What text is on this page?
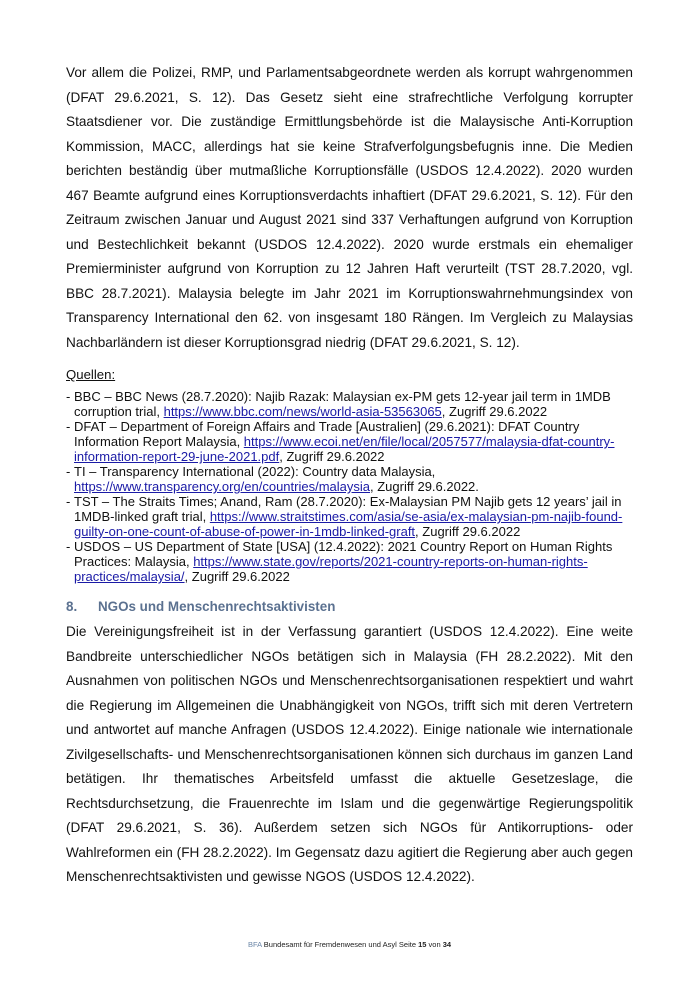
Vor allem die Polizei, RMP, und Parlamentsabgeordnete werden als korrupt wahrgenommen (DFAT 29.6.2021, S. 12). Das Gesetz sieht eine strafrechtliche Verfolgung korrupter Staatsdiener vor. Die zuständige Ermittlungsbehörde ist die Malaysische Anti-Korruption Kommission, MACC, allerdings hat sie keine Strafverfolgungsbefugnis inne. Die Medien berichten beständig über mutmaßliche Korruptionsfälle (USDOS 12.4.2022). 2020 wurden 467 Beamte aufgrund eines Korruptionsverdachts inhaftiert (DFAT 29.6.2021, S. 12). Für den Zeitraum zwischen Januar und August 2021 sind 337 Verhaftungen aufgrund von Korruption und Bestechlichkeit bekannt (USDOS 12.4.2022). 2020 wurde erstmals ein ehemaliger Premierminister aufgrund von Korruption zu 12 Jahren Haft verurteilt (TST 28.7.2020, vgl. BBC 28.7.2021). Malaysia belegte im Jahr 2021 im Korruptionswahrnehmungsindex von Transparency International den 62. von insgesamt 180 Rängen. Im Vergleich zu Malaysias Nachbarländern ist dieser Korruptionsgrad niedrig (DFAT 29.6.2021, S. 12).

Quellen:

- BBC – BBC News (28.7.2020): Najib Razak: Malaysian ex-PM gets 12-year jail term in 1MDB corruption trial, https://www.bbc.com/news/world-asia-53563065, Zugriff 29.6.2022
- DFAT – Department of Foreign Affairs and Trade [Australien] (29.6.2021): DFAT Country Information Report Malaysia, https://www.ecoi.net/en/file/local/2057577/malaysia-dfat-country-information-report-29-june-2021.pdf, Zugriff 29.6.2022
- TI – Transparency International (2022): Country data Malaysia, https://www.transparency.org/en/countries/malaysia, Zugriff 29.6.2022.
- TST – The Straits Times; Anand, Ram (28.7.2020): Ex-Malaysian PM Najib gets 12 years’ jail in 1MDB-linked graft trial, https://www.straitstimes.com/asia/se-asia/ex-malaysian-pm-najib-found-guilty-on-one-count-of-abuse-of-power-in-1mdb-linked-graft, Zugriff 29.6.2022
- USDOS – US Department of State [USA] (12.4.2022): 2021 Country Report on Human Rights Practices: Malaysia, https://www.state.gov/reports/2021-country-reports-on-human-rights-practices/malaysia/, Zugriff 29.6.2022
8. NGOs und Menschenrechtsaktivisten

Die Vereinigungsfreiheit ist in der Verfassung garantiert (USDOS 12.4.2022). Eine weite Bandbreite unterschiedlicher NGOs betätigen sich in Malaysia (FH 28.2.2022). Mit den Ausnahmen von politischen NGOs und Menschenrechtsorganisationen respektiert und wahrt die Regierung im Allgemeinen die Unabhängigkeit von NGOs, trifft sich mit deren Vertretern und antwortet auf manche Anfragen (USDOS 12.4.2022). Einige nationale wie internationale Zivilgesellschafts- und Menschenrechtsorganisationen können sich durchaus im ganzen Land betätigen. Ihr thematisches Arbeitsfeld umfasst die aktuelle Gesetzeslage, die Rechtsdurchsetzung, die Frauenrechte im Islam und die gegenwärtige Regierungspolitik (DFAT 29.6.2021, S. 36). Außerdem setzen sich NGOs für Antikorruptions- oder Wahlreformen ein (FH 28.2.2022). Im Gegensatz dazu agitiert die Regierung aber auch gegen Menschenrechtsaktivisten und gewisse NGOS (USDOS 12.4.2022).

BFA Bundesamt für Fremdenwesen und Asyl Seite 15 von 34
